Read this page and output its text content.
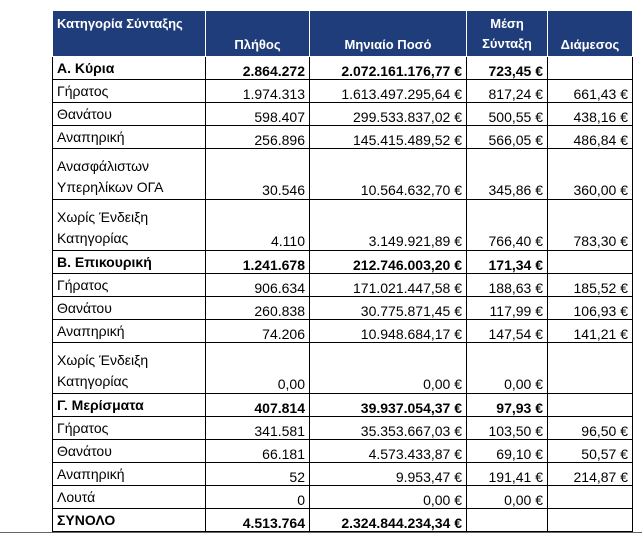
Κατηγορία Σύνταξης	Πλήθος	Μηνιαίο Ποσό	Μέση Σύνταξη	Διάμεσος
Α. Κύρια	2.864.272	2.072.161.176,77 €	723,45 €	
Γήρατος	1.974.313	1.613.497.295,64 €	817,24 €	661,43 €
Θανάτου	598.407	299.533.837,02 €	500,55 €	438,16 €
Αναπηρική	256.896	145.415.489,52 €	566,05 €	486,84 €
Ανασφάλιστων Υπερηλίκων ΟΓΑ	30.546	10.564.632,70 €	345,86 €	360,00 €
Χωρίς Ένδειξη Κατηγορίας	4.110	3.149.921,89 €	766,40 €	783,30 €
Β. Επικουρική	1.241.678	212.746.003,20 €	171,34 €	
Γήρατος	906.634	171.021.447,58 €	188,63 €	185,52 €
Θανάτου	260.838	30.775.871,45 €	117,99 €	106,93 €
Αναπηρική	74.206	10.948.684,17 €	147,54 €	141,21 €
Χωρίς Ένδειξη Κατηγορίας	0,00	0,00 €	0,00 €	
Γ. Μερίσματα	407.814	39.937.054,37 €	97,93 €	
Γήρατος	341.581	35.353.667,03 €	103,50 €	96,50 €
Θανάτου	66.181	4.573.433,87 €	69,10 €	50,57 €
Αναπηρική	52	9.953,47 €	191,41 €	214,87 €
Λουτά	0	0,00 €	0,00 €	
ΣΥΝΟΛΟ	4.513.764	2.324.844.234,34 €		
